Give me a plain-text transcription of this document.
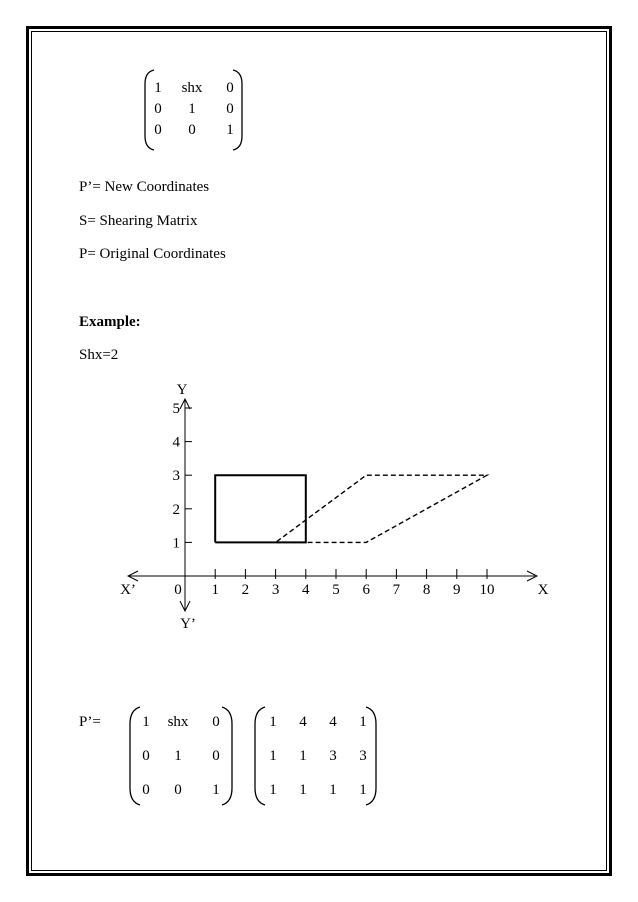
1 shx 0
0 1 0
0 0 1
P’= New Coordinates
S= Shearing Matrix
P= Original Coordinates
Example:
Shx=2
0 1 2 3 4 5 6 7 8 9 10
1
2
3
4
5
X
X’
Y
Y’
P’=	1 shx 0
0 1 0
0 0 1
1 4 4 1
1 1 3 3
1 1 1 1
